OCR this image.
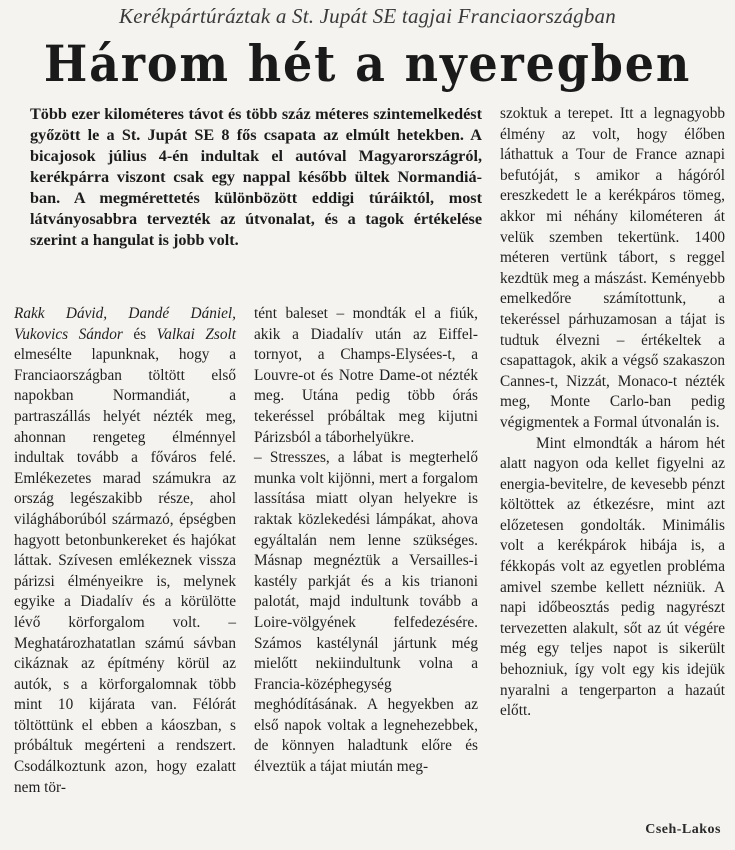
Kerékpártúráztak a St. Jupát SE tagjai Franciaországban
Három hét a nyeregben
Több ezer kilométeres távot és több száz méteres szintemelkedést győzött le a St. Jupát SE 8 fős csapata az elmúlt hetekben. A bicajosok július 4-én indultak el autóval Magyarországról, kerékpárra viszont csak egy nappal később ültek Normandiá-ban. A megmérettetés különbözött eddigi túráiktól, most látványosabbra tervezték az útvonalat, és a tagok értékelése szerint a hangulat is jobb volt.

Rakk Dávid, Dandé Dániel, Vukovics Sándor és Valkai Zsolt elmeséltе lapunknak, hogy a Franciaországban töltött első napokban Normandiát, a partraszállás helyét nézték meg, ahonnan rengeteg élménnyel indultak tovább a főváros felé. Emlékezetes marad számukra az ország legészakibb része, ahol világháborúból származó, épségben hagyott betonbunkereket és hajókat láttak. Szívesen emlékeznek vissza párizsi élményeikre is, melynek egyike a Diadalív és a körülötte lévő körforgalom volt. – Meghatározhatatlan számú sávban cikáznak az építmény körül az autók, s a körforgalomnak több mint 10 kijárata van. Félórát töltöttünk el ebben a káoszban, s próbáltuk megérteni a rendszert. Csodálkoztunk azon, hogy ezalatt nem tör-

tént baleset – mondták el a fiúk, akik a Diadalív után az Eiffel-tornyot, a Champs-Elysées-t, a Louvre-ot és Notre Dame-ot nézték meg. Utána pedig több órás tekeréssel próbáltak meg kijutni Párizsból a táborhelyükre.

– Stresszes, a lábat is megterhelő munka volt kijönni, mert a forgalom lassítása miatt olyan helyekre is raktak közlekedési lámpákat, ahova egyáltalán nem lenne szükséges. Másnap megnéztük a Versailles-i kastély parkját és a kis trianoni palotát, majd indultunk tovább a Loire-völgyének felfedezésére. Számos kastélynál jártunk még mielőtt nekiindultunk volna a Francia-középhegység meghódításának. A hegyekben az első napok voltak a legnehezebbek, de könnyen haladtunk előre és élveztük a tájat miután meg-

szoktuk a terepet. Itt a legnagyobb élmény az volt, hogy élőben láthattuk a Tour de France aznapi befutóját, s amikor a hágóról ereszkedett le a kerékpáros tömeg, akkor mi néhány kilométeren át velük szemben tekertünk. 1400 méteren vertünk tábort, s reggel kezdtük meg a mászást. Keményebb emelkedőre számítottunk, a tekeréssel párhuzamosan a tájat is tudtuk élvezni – értékeltek a csapattagok, akik a végső szakaszon Cannes-t, Nizzát, Monaco-t nézték meg, Monte Carlo-ban pedig végigmentek a Formal útvonalán is.

Mint elmondták a három hét alatt nagyon oda kellet figyelni az energia-bevitelre, de kevesebb pénzt költöttek az étkezésre, mint azt előzetesen gondolták. Minimális volt a kerékpárok hibája is, a fékkopás volt az egyetlen probléma amivel szembe kellett nézniük. A napi időbeosztás pedig nagyrészt tervezetten alakult, sőt az út végére még egy teljes napot is sikerült behozniuk, így volt egy kis idejük nyaralni a tengerparton a hazaút előtt.

Cseh-Lakos
